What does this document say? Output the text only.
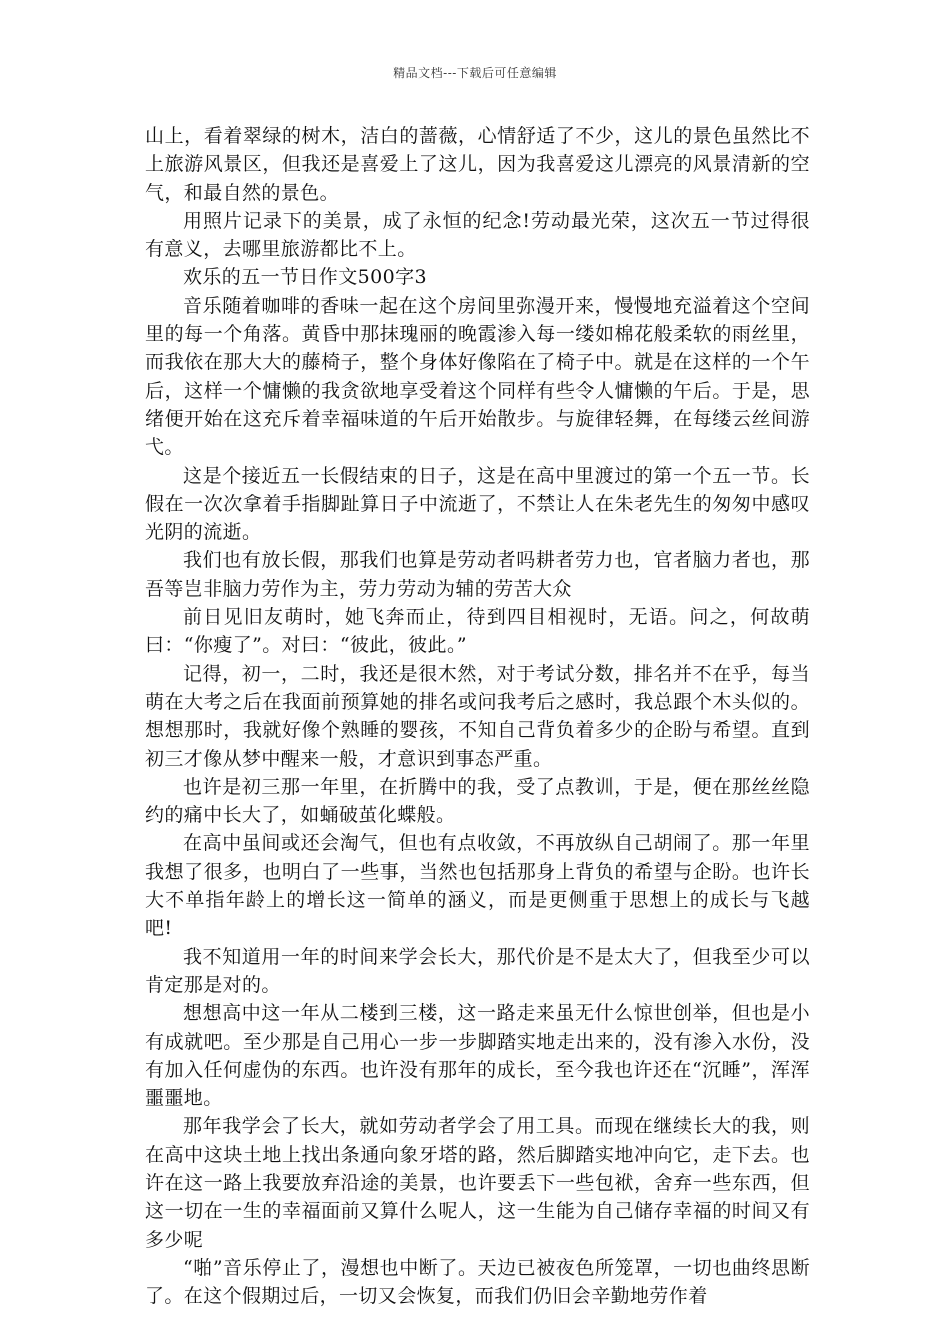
精品文档---下载后可任意编辑

山上，看着翠绿的树木，洁白的蔷薇，心情舒适了不少，这儿的景色虽然比不上旅游风景区，但我还是喜爱上了这儿，因为我喜爱这儿漂亮的风景清新的空气，和最自然的景色。

用照片记录下的美景，成了永恒的纪念!劳动最光荣，这次五一节过得很有意义，去哪里旅游都比不上。

欢乐的五一节日作文500字3

音乐随着咖啡的香味一起在这个房间里弥漫开来，慢慢地充溢着这个空间里的每一个角落。黄昏中那抹瑰丽的晚霞渗入每一缕如棉花般柔软的雨丝里，而我依在那大大的藤椅子，整个身体好像陷在了椅子中。就是在这样的一个午后，这样一个慵懒的我贪欲地享受着这个同样有些令人慵懒的午后。于是，思绪便开始在这充斥着幸福味道的午后开始散步。与旋律轻舞，在每缕云丝间游弋。

这是个接近五一长假结束的日子，这是在高中里渡过的第一个五一节。长假在一次次拿着手指脚趾算日子中流逝了，不禁让人在朱老先生的匆匆中感叹光阴的流逝。

我们也有放长假，那我们也算是劳动者吗耕者劳力也，官者脑力者也，那吾等岂非脑力劳作为主，劳力劳动为辅的劳苦大众

前日见旧友萌时，她飞奔而止，待到四目相视时，无语。问之，何故萌曰：“你瘦了”。对曰：“彼此，彼此。”

记得，初一，二时，我还是很木然，对于考试分数，排名并不在乎，每当萌在大考之后在我面前预算她的排名或问我考后之感时，我总跟个木头似的。想想那时，我就好像个熟睡的婴孩，不知自己背负着多少的企盼与希望。直到初三才像从梦中醒来一般，才意识到事态严重。

也许是初三那一年里，在折腾中的我，受了点教训，于是，便在那丝丝隐约的痛中长大了，如蛹破茧化蝶般。

在高中虽间或还会淘气，但也有点收敛，不再放纵自己胡闹了。那一年里我想了很多，也明白了一些事，当然也包括那身上背负的希望与企盼。也许长大不单指年龄上的增长这一简单的涵义，而是更侧重于思想上的成长与飞越吧!

我不知道用一年的时间来学会长大，那代价是不是太大了，但我至少可以肯定那是对的。

想想高中这一年从二楼到三楼，这一路走来虽无什么惊世创举，但也是小有成就吧。至少那是自己用心一步一步脚踏实地走出来的，没有渗入水份，没有加入任何虚伪的东西。也许没有那年的成长，至今我也许还在“沉睡”，浑浑噩噩地。

那年我学会了长大，就如劳动者学会了用工具。而现在继续长大的我，则在高中这块土地上找出条通向象牙塔的路，然后脚踏实地冲向它，走下去。也许在这一路上我要放弃沿途的美景，也许要丢下一些包袱，舍弃一些东西，但这一切在一生的幸福面前又算什么呢人，这一生能为自己储存幸福的时间又有多少呢

“啪”音乐停止了，漫想也中断了。天边已被夜色所笼罩，一切也曲终思断了。在这个假期过后，一切又会恢复，而我们仍旧会辛勤地劳作着
